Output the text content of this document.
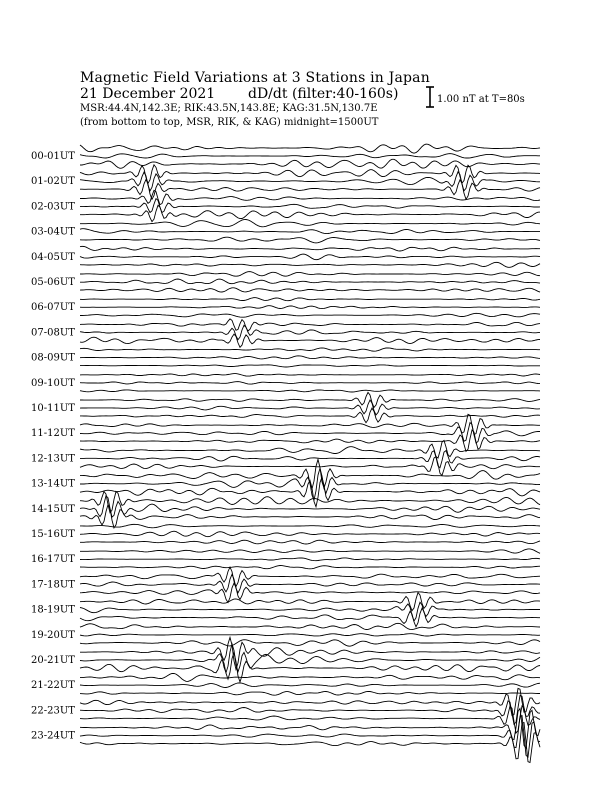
Magnetic Field Variations at 3 Stations in Japan
21 December 2021 dD/dt (filter:40-160s)
MSR:44.4N,142.3E; RIK:43.5N,143.8E; KAG:31.5N,130.7E
(from bottom to top, MSR, RIK, & KAG) midnight=1500UT
1.00 nT at T=80s
00-01UT
01-02UT
02-03UT
03-04UT
04-05UT
05-06UT
06-07UT
07-08UT
08-09UT
09-10UT
10-11UT
11-12UT
12-13UT
13-14UT
14-15UT
15-16UT
16-17UT
17-18UT
18-19UT
19-20UT
20-21UT
21-22UT
22-23UT
23-24UT
